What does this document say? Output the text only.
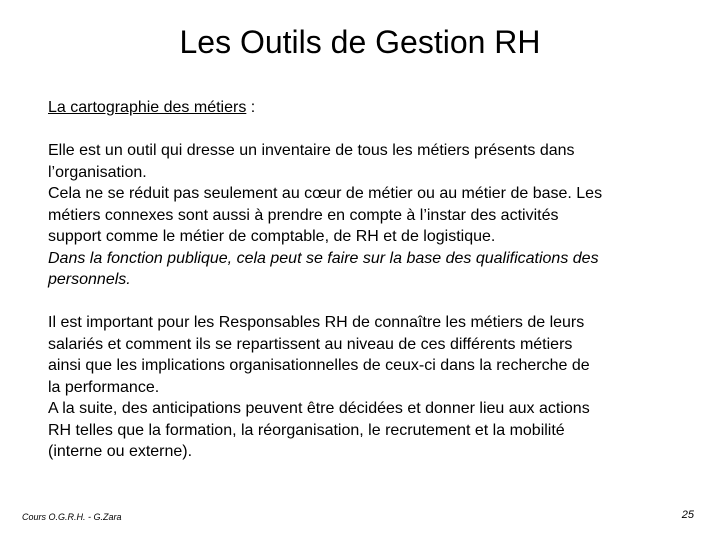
Les Outils de Gestion RH

La cartographie des métiers :

Elle est un outil qui dresse un inventaire de tous les métiers présents dans

l’organisation.

Cela ne se réduit pas seulement au cœur de métier ou au métier de base. Les

métiers connexes sont aussi à prendre en compte à l’instar des activités

support comme le métier de comptable, de RH et de logistique.

Dans la fonction publique, cela peut se faire sur la base des qualifications des

personnels.

Il est important pour les Responsables RH de connaître les métiers de leurs

salariés et comment ils se repartissent au niveau de ces différents métiers

ainsi que les implications organisationnelles de ceux-ci dans la recherche de

la performance.

A la suite, des anticipations peuvent être décidées et donner lieu aux actions

RH telles que la formation, la réorganisation, le recrutement et la mobilité

(interne ou externe).

Cours O.G.R.H. - G.Zara	25
